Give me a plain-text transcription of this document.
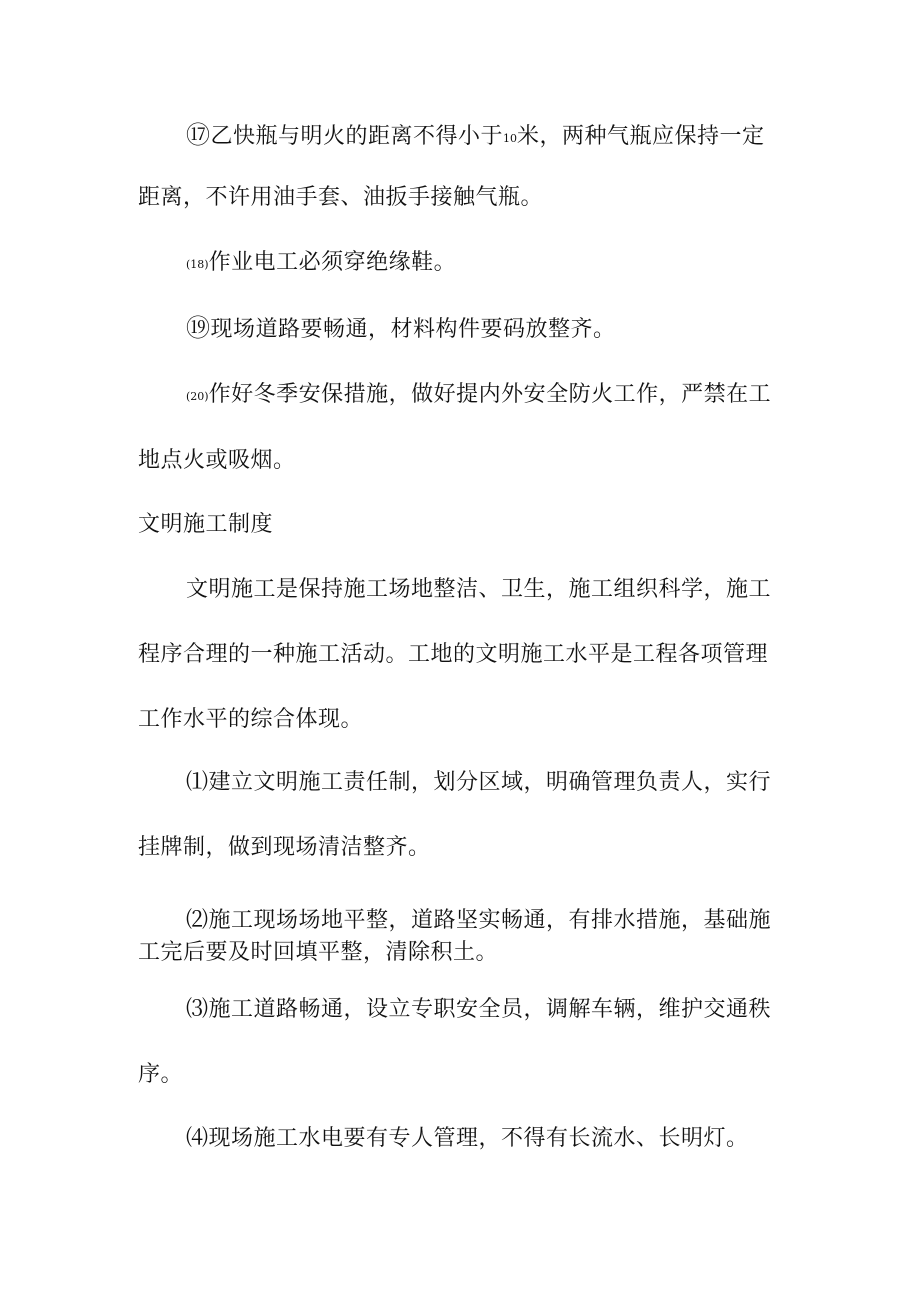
⑰乙快瓶与明火的距离不得小于10米，两种气瓶应保持一定
距离，不许用油手套、油扳手接触气瓶。
(18)作业电工必须穿绝缘鞋。
⑲现场道路要畅通，材料构件要码放整齐。
(20)作好冬季安保措施，做好提内外安全防火工作，严禁在工
地点火或吸烟。
文明施工制度
文明施工是保持施工场地整洁、卫生，施工组织科学，施工
程序合理的一种施工活动。工地的文明施工水平是工程各项管理
工作水平的综合体现。
⑴建立文明施工责任制，划分区域，明确管理负责人，实行
挂牌制，做到现场清洁整齐。
⑵施工现场场地平整，道路坚实畅通，有排水措施，基础施
工完后要及时回填平整，清除积土。
⑶施工道路畅通，设立专职安全员，调解车辆，维护交通秩
序。
⑷现场施工水电要有专人管理，不得有长流水、长明灯。
